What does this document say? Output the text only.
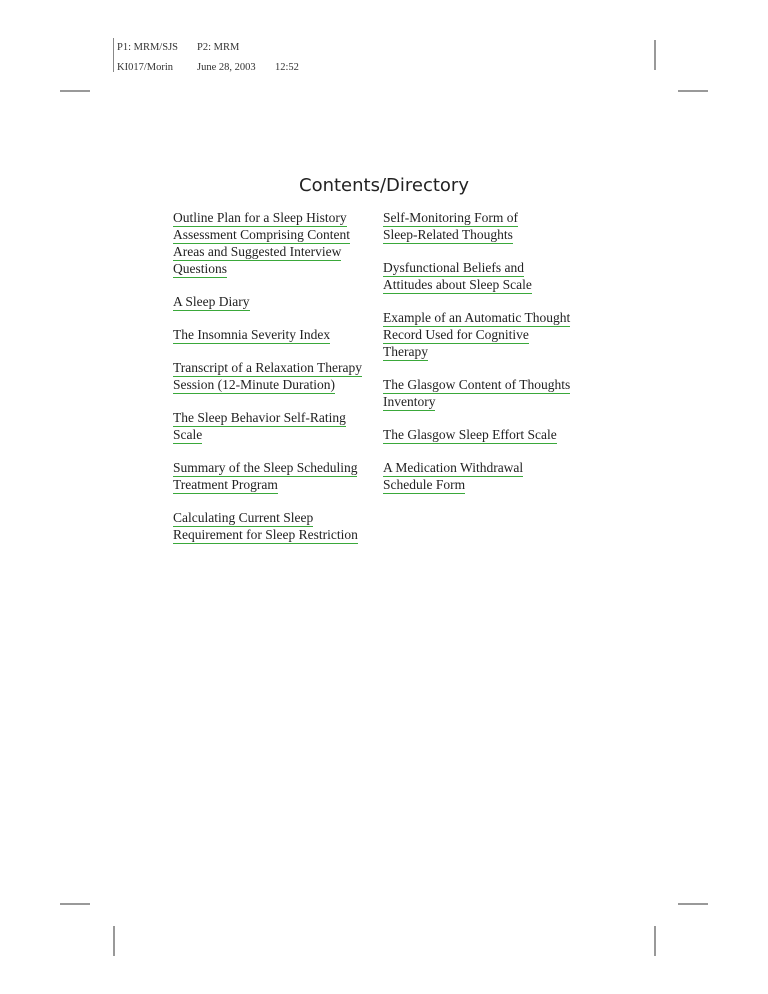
P1: MRM/SJS	P2: MRM
KI017/Morin	June 28, 2003	12:52
Contents/Directory
Outline Plan for a Sleep History
Assessment Comprising Content
Areas and Suggested Interview
Questions
A Sleep Diary
The Insomnia Severity Index
Transcript of a Relaxation Therapy
Session (12-Minute Duration)
The Sleep Behavior Self-Rating
Scale
Summary of the Sleep Scheduling
Treatment Program
Calculating Current Sleep
Requirement for Sleep Restriction
Self-Monitoring Form of
Sleep-Related Thoughts
Dysfunctional Beliefs and
Attitudes about Sleep Scale
Example of an Automatic Thought
Record Used for Cognitive
Therapy
The Glasgow Content of Thoughts
Inventory
The Glasgow Sleep Effort Scale
A Medication Withdrawal
Schedule Form
